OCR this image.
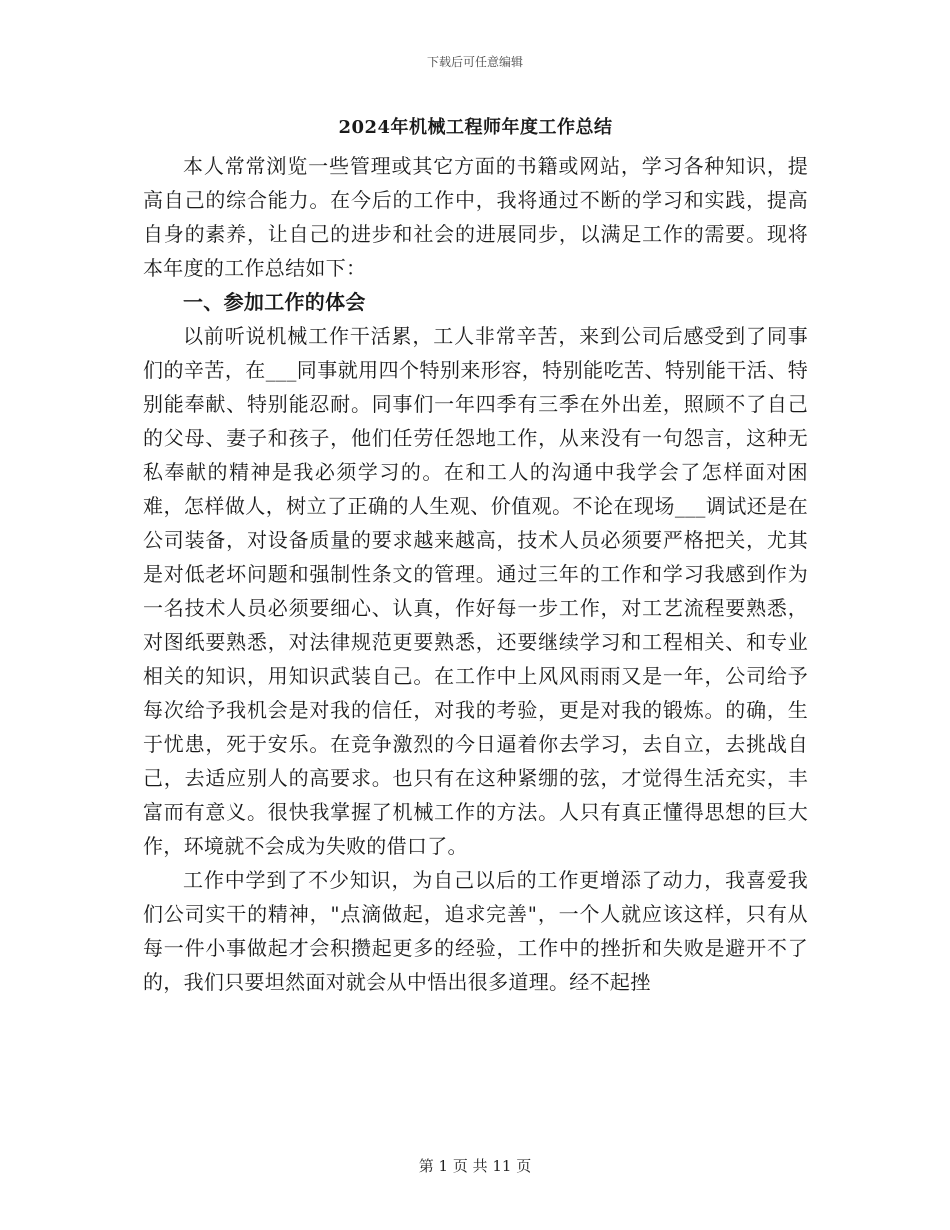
下载后可任意编辑
2024年机械工程师年度工作总结

本人常常浏览一些管理或其它方面的书籍或网站，学习各种知识，提高自己的综合能力。在今后的工作中，我将通过不断的学习和实践，提高自身的素养，让自己的进步和社会的进展同步，以满足工作的需要。现将本年度的工作总结如下：

一、参加工作的体会

以前听说机械工作干活累，工人非常辛苦，来到公司后感受到了同事们的辛苦，在___同事就用四个特别来形容，特别能吃苦、特别能干活、特别能奉献、特别能忍耐。同事们一年四季有三季在外出差，照顾不了自己的父母、妻子和孩子，他们任劳任怨地工作，从来没有一句怨言，这种无私奉献的精神是我必须学习的。在和工人的沟通中我学会了怎样面对困难，怎样做人，树立了正确的人生观、价值观。不论在现场___调试还是在公司装备，对设备质量的要求越来越高，技术人员必须要严格把关，尤其是对低老坏问题和强制性条文的管理。通过三年的工作和学习我感到作为一名技术人员必须要细心、认真，作好每一步工作，对工艺流程要熟悉，对图纸要熟悉，对法律规范更要熟悉，还要继续学习和工程相关、和专业相关的知识，用知识武装自己。在工作中上风风雨雨又是一年，公司给予每次给予我机会是对我的信任，对我的考验，更是对我的锻炼。的确，生于忧患，死于安乐。在竞争激烈的今日逼着你去学习，去自立，去挑战自己，去适应别人的高要求。也只有在这种紧绷的弦，才觉得生活充实，丰富而有意义。很快我掌握了机械工作的方法。人只有真正懂得思想的巨大作，环境就不会成为失败的借口了。

工作中学到了不少知识，为自己以后的工作更增添了动力，我喜爱我们公司实干的精神，"点滴做起，追求完善"，一个人就应该这样，只有从每一件小事做起才会积攒起更多的经验，工作中的挫折和失败是避开不了的，我们只要坦然面对就会从中悟出很多道理。经不起挫

第 1 页 共 11 页
